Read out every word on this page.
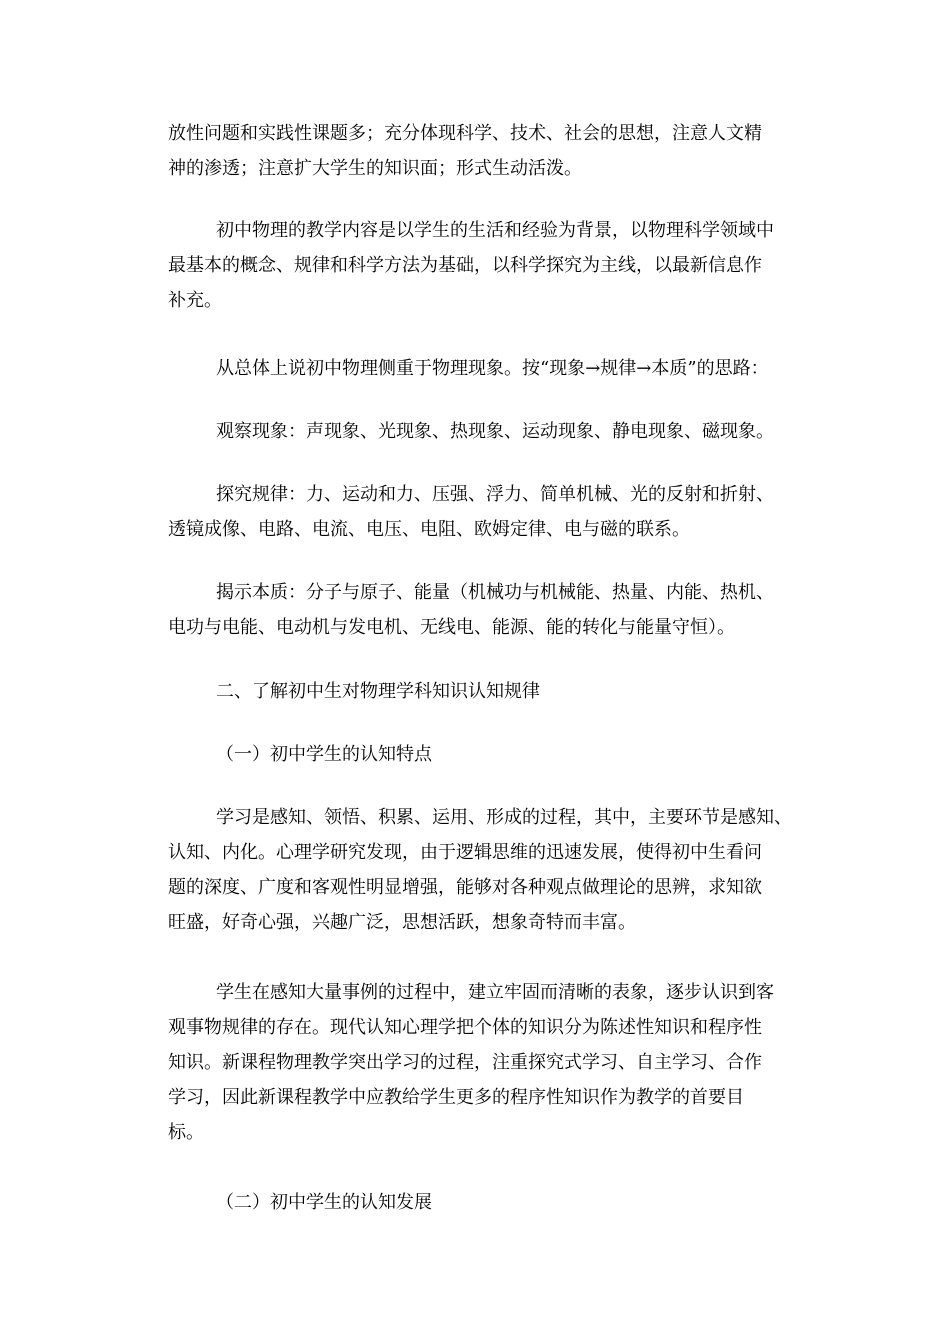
放性问题和实践性课题多；充分体现科学、技术、社会的思想，注意人文精
神的渗透；注意扩大学生的知识面；形式生动活泼。
初中物理的教学内容是以学生的生活和经验为背景，以物理科学领域中
最基本的概念、规律和科学方法为基础，以科学探究为主线，以最新信息作
补充。
从总体上说初中物理侧重于物理现象。按“现象→规律→本质”的思路：
观察现象：声现象、光现象、热现象、运动现象、静电现象、磁现象。
探究规律：力、运动和力、压强、浮力、简单机械、光的反射和折射、
透镜成像、电路、电流、电压、电阻、欧姆定律、电与磁的联系。
揭示本质：分子与原子、能量（机械功与机械能、热量、内能、热机、
电功与电能、电动机与发电机、无线电、能源、能的转化与能量守恒）。
二、了解初中生对物理学科知识认知规律
（一）初中学生的认知特点
学习是感知、领悟、积累、运用、形成的过程，其中，主要环节是感知、
认知、内化。心理学研究发现，由于逻辑思维的迅速发展，使得初中生看问
题的深度、广度和客观性明显增强，能够对各种观点做理论的思辨，求知欲
旺盛，好奇心强，兴趣广泛，思想活跃，想象奇特而丰富。
学生在感知大量事例的过程中，建立牢固而清晰的表象，逐步认识到客
观事物规律的存在。现代认知心理学把个体的知识分为陈述性知识和程序性
知识。新课程物理教学突出学习的过程，注重探究式学习、自主学习、合作
学习，因此新课程教学中应教给学生更多的程序性知识作为教学的首要目
标。
（二）初中学生的认知发展
